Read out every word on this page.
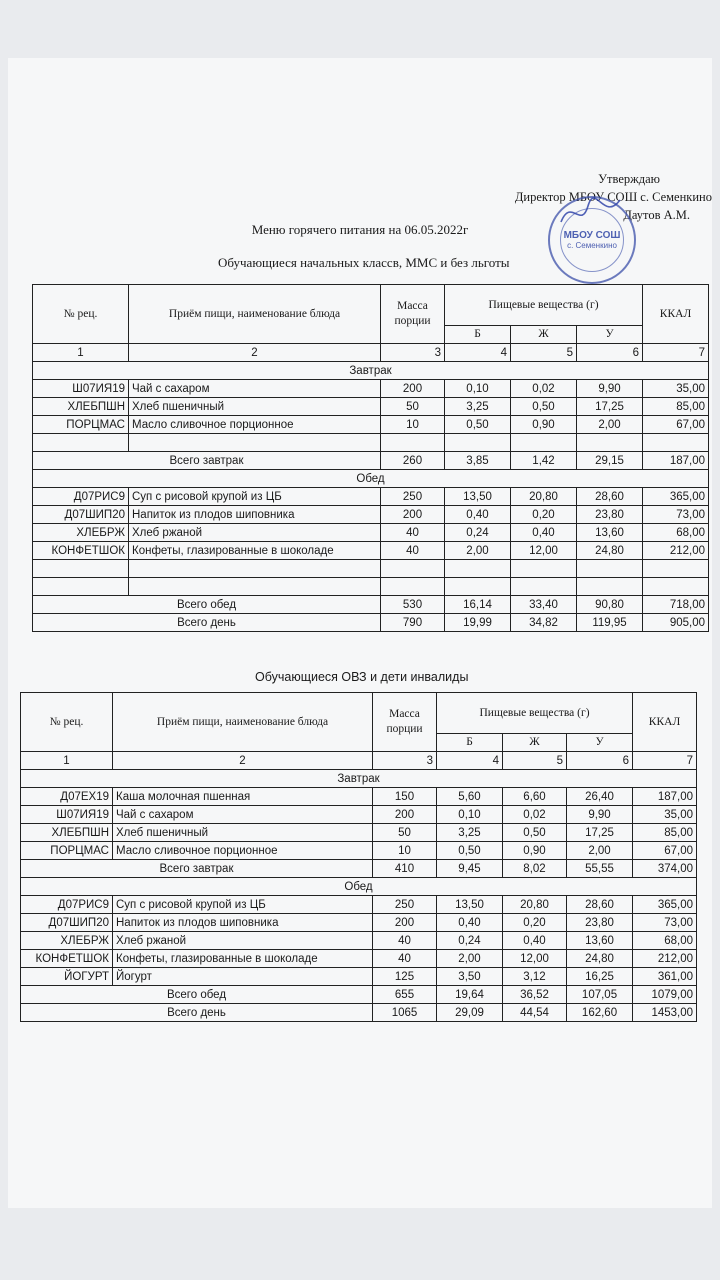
Утверждаю
Директор МБОУ СОШ с. Семенкино
Даутов А.М.
МБОУ СОШ
с. Семенкино
Меню горячего питания на 06.05.2022г
Обучающиеся начальных классв, ММС и без льготы
№ рец.	Приём пищи, наименование блюда	Масса порции	Пищевые вещества (г)			ККАЛ
			Б	Ж	У	
1	2	3	4	5	6	7
Завтрак						
Ш07ИЯ19	Чай с сахаром	200	0,10	0,02	9,90	35,00
ХЛЕБПШН	Хлеб пшеничный	50	3,25	0,50	17,25	85,00
ПОРЦМАС	Масло сливочное порционное	10	0,50	0,90	2,00	67,00

Всего завтрак		260	3,85	1,42	29,15	187,00
Обед						
Д07РИС9	Суп с рисовой крупой из ЦБ	250	13,50	20,80	28,60	365,00
Д07ШИП20	Напиток из плодов шиповника	200	0,40	0,20	23,80	73,00
ХЛЕБРЖ	Хлеб ржаной	40	0,24	0,40	13,60	68,00
КОНФЕТШОК	Конфеты, глазированные в шоколаде	40	2,00	12,00	24,80	212,00

Всего обед		530	16,14	33,40	90,80	718,00
Всего день		790	19,99	34,82	119,95	905,00
Обучающиеся ОВЗ и дети инвалиды
№ рец.	Приём пищи, наименование блюда	Масса порции	Пищевые вещества (г)			ККАЛ
			Б	Ж	У	
1	2	3	4	5	6	7
Завтрак						
Д07ЕХ19	Каша молочная пшенная	150	5,60	6,60	26,40	187,00
Ш07ИЯ19	Чай с сахаром	200	0,10	0,02	9,90	35,00
ХЛЕБПШН	Хлеб пшеничный	50	3,25	0,50	17,25	85,00
ПОРЦМАС	Масло сливочное порционное	10	0,50	0,90	2,00	67,00
Всего завтрак		410	9,45	8,02	55,55	374,00
Обед						
Д07РИС9	Суп с рисовой крупой из ЦБ	250	13,50	20,80	28,60	365,00
Д07ШИП20	Напиток из плодов шиповника	200	0,40	0,20	23,80	73,00
ХЛЕБРЖ	Хлеб ржаной	40	0,24	0,40	13,60	68,00
КОНФЕТШОК	Конфеты, глазированные в шоколаде	40	2,00	12,00	24,80	212,00
ЙОГУРТ	Йогурт	125	3,50	3,12	16,25	361,00
Всего обед		655	19,64	36,52	107,05	1079,00
Всего день		1065	29,09	44,54	162,60	1453,00
